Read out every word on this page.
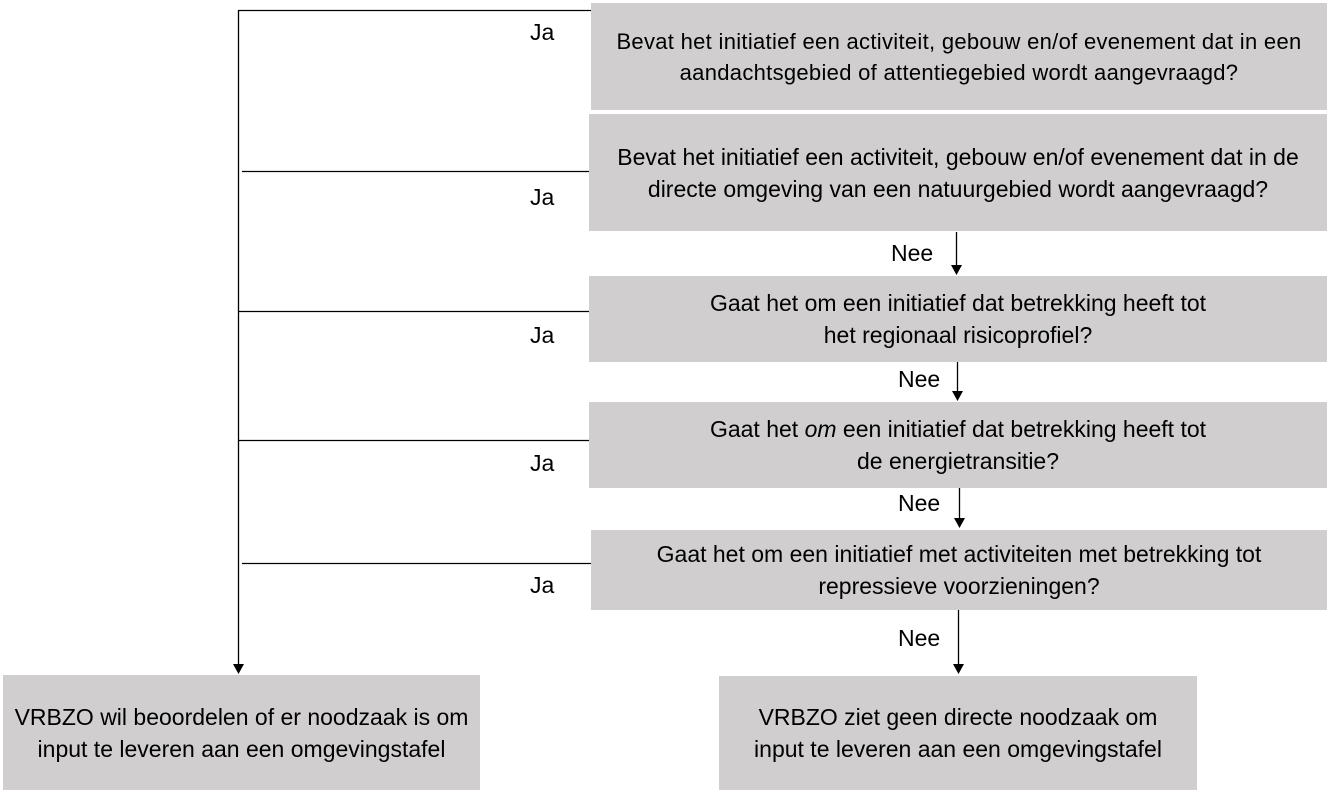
Bevat het initiatief een activiteit, gebouw en/of evenement dat in een aandachtsgebied of attentiegebied wordt aangevraagd?
Bevat het initiatief een activiteit, gebouw en/of evenement dat in de directe omgeving van een natuurgebied wordt aangevraagd?
Gaat het om een initiatief dat betrekking heeft tot het regionaal risicoprofiel?
Gaat het om een initiatief dat betrekking heeft tot de energietransitie?
Gaat het om een initiatief met activiteiten met betrekking tot repressieve voorzieningen?
VRBZO wil beoordelen of er noodzaak is om input te leveren aan een omgevingstafel
VRBZO ziet geen directe noodzaak om input te leveren aan een omgevingstafel
Ja
Ja
Ja
Ja
Ja
Nee
Nee
Nee
Nee
